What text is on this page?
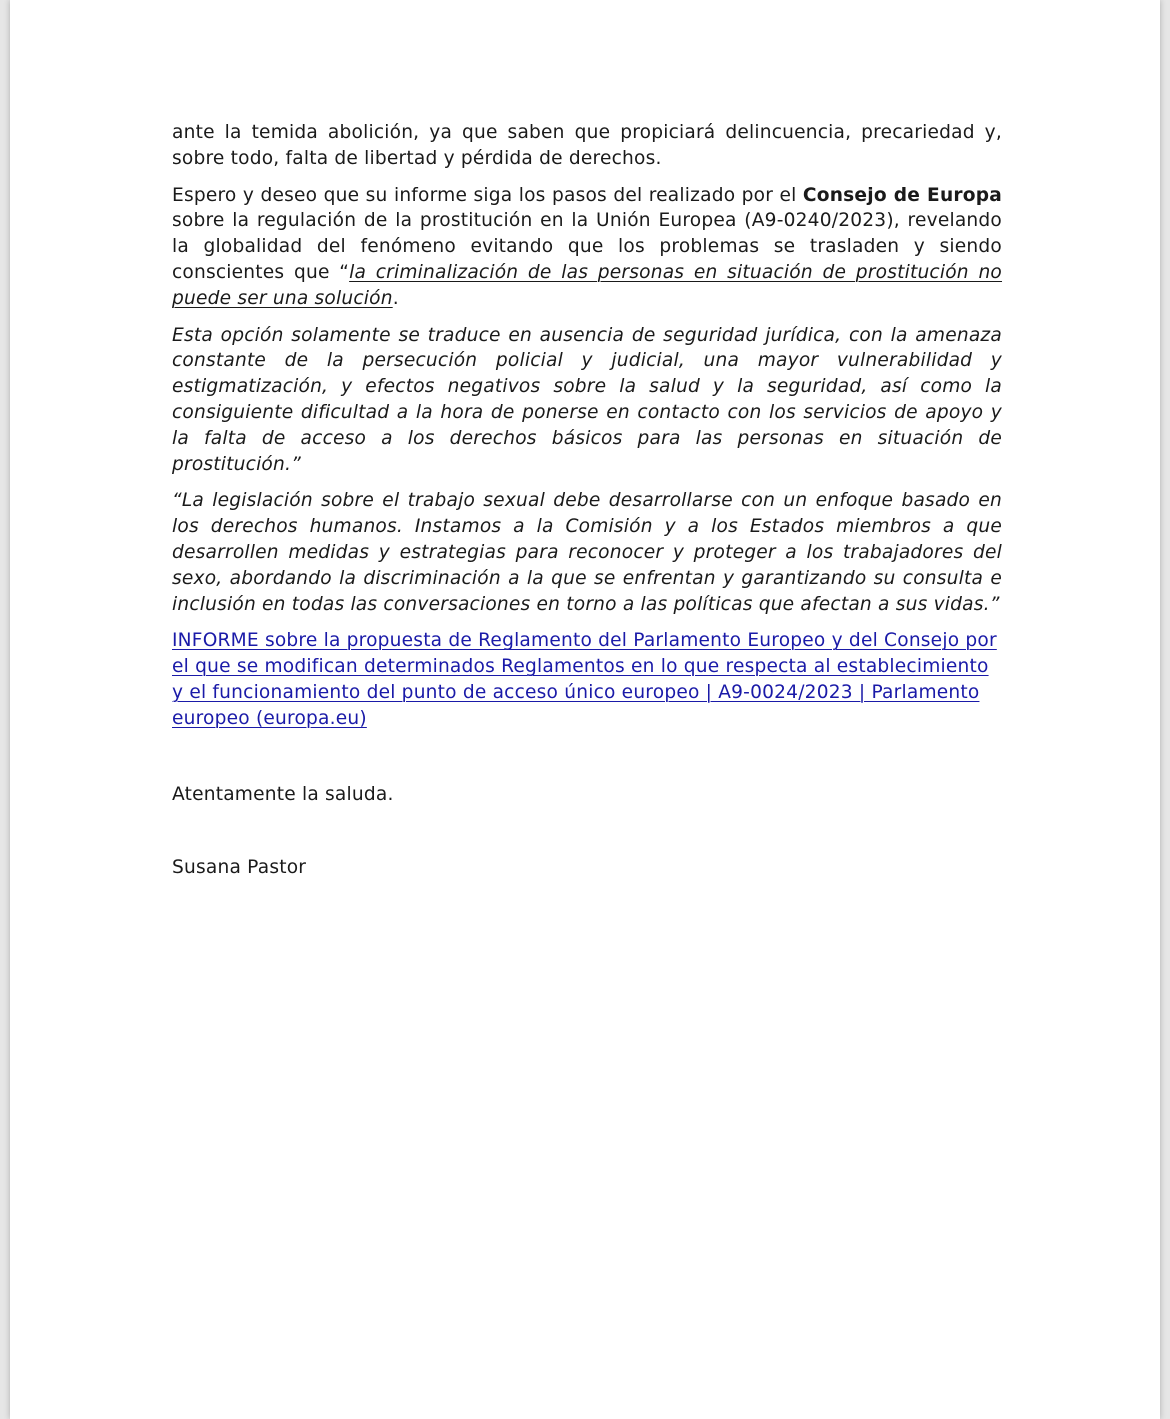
ante la temida abolición, ya que saben que propiciará delincuencia, precariedad y, sobre todo, falta de libertad y pérdida de derechos.

Espero y deseo que su informe siga los pasos del realizado por el Consejo de Europa sobre la regulación de la prostitución en la Unión Europea (A9-0240/2023), revelando la globalidad del fenómeno evitando que los problemas se trasladen y siendo conscientes que “la criminalización de las personas en situación de prostitución no puede ser una solución.

Esta opción solamente se traduce en ausencia de seguridad jurídica, con la amenaza constante de la persecución policial y judicial, una mayor vulnerabilidad y estigmatización, y efectos negativos sobre la salud y la seguridad, así como la consiguiente dificultad a la hora de ponerse en contacto con los servicios de apoyo y la falta de acceso a los derechos básicos para las personas en situación de prostitución.”

“La legislación sobre el trabajo sexual debe desarrollarse con un enfoque basado en los derechos humanos. Instamos a la Comisión y a los Estados miembros a que desarrollen medidas y estrategias para reconocer y proteger a los trabajadores del sexo, abordando la discriminación a la que se enfrentan y garantizando su consulta e inclusión en todas las conversaciones en torno a las políticas que afectan a sus vidas.”

INFORME sobre la propuesta de Reglamento del Parlamento Europeo y del Consejo por el que se modifican determinados Reglamentos en lo que respecta al establecimiento y el funcionamiento del punto de acceso único europeo | A9-0024/2023 | Parlamento europeo (europa.eu)

Atentamente la saluda.

Susana Pastor
